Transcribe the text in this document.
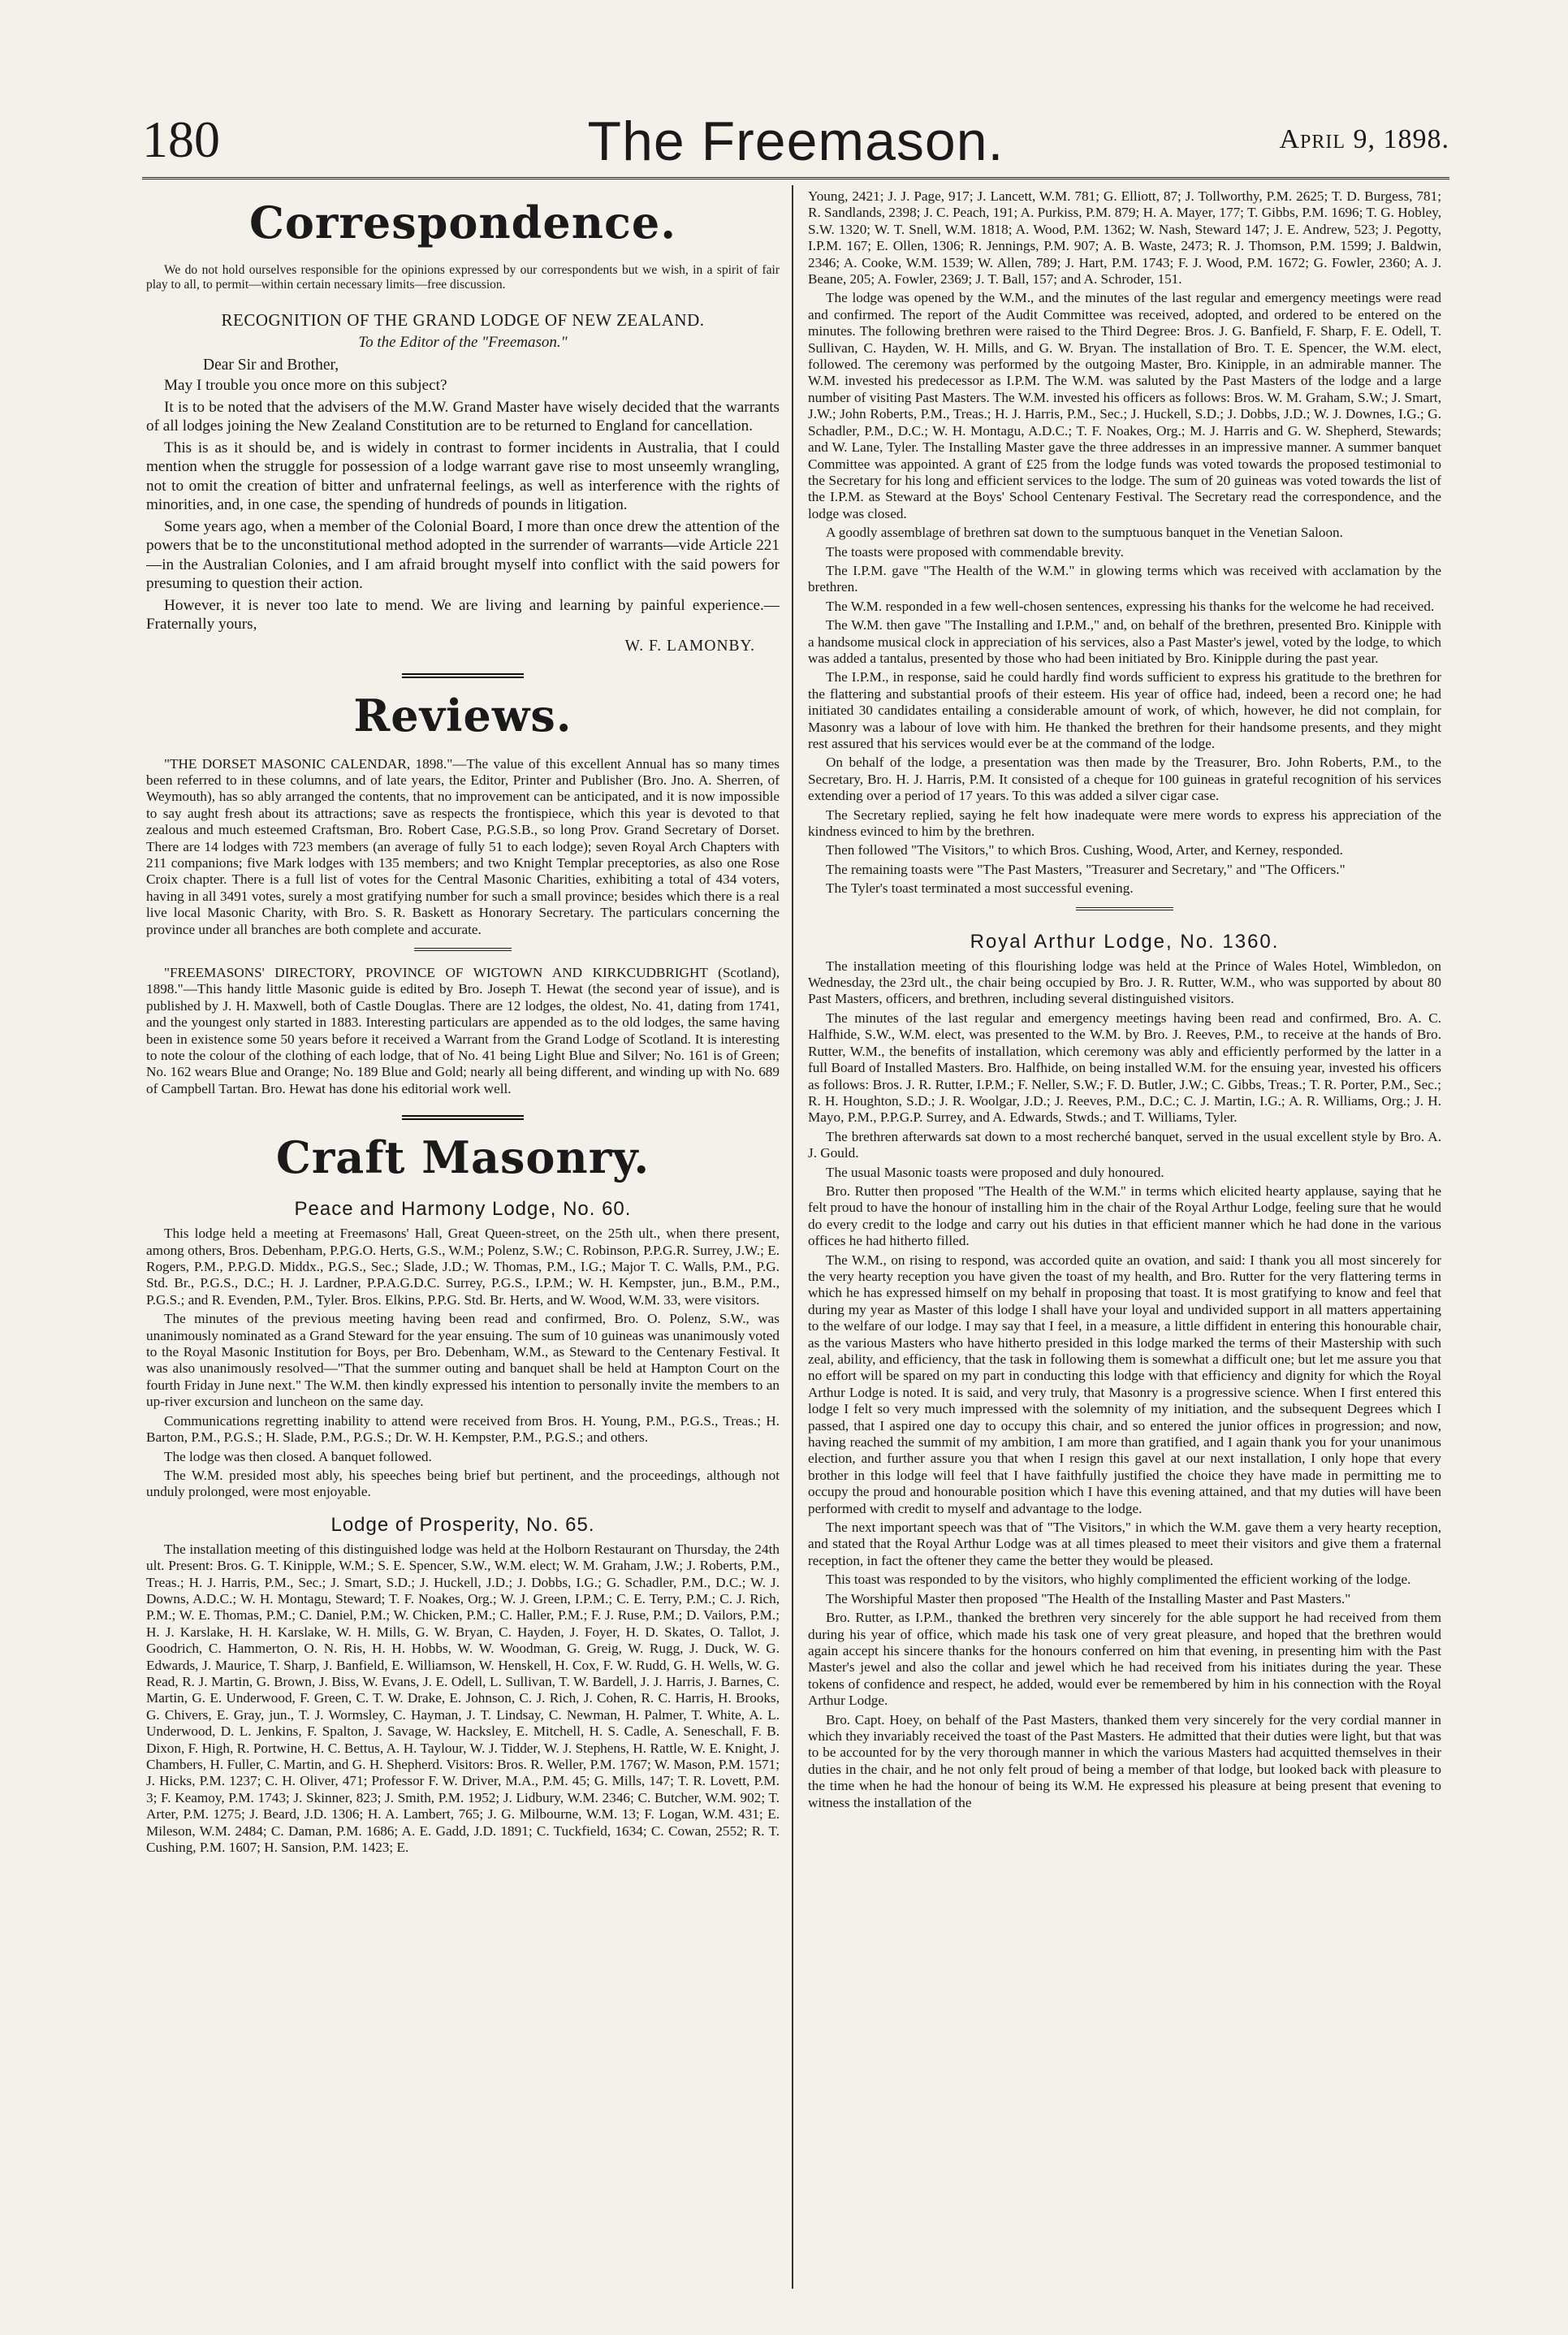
180	The Freemason.	April 9, 1898.
Correspondence.

We do not hold ourselves responsible for the opinions expressed by our correspondents but we wish, in a spirit of fair play to all, to permit—within certain necessary limits—free discussion.

RECOGNITION OF THE GRAND LODGE OF NEW ZEALAND.
To the Editor of the "Freemason."
Dear Sir and Brother,

May I trouble you once more on this subject?

It is to be noted that the advisers of the M.W. Grand Master have wisely decided that the warrants of all lodges joining the New Zealand Constitution are to be returned to England for cancellation.

This is as it should be, and is widely in contrast to former incidents in Australia, that I could mention when the struggle for possession of a lodge warrant gave rise to most unseemly wrangling, not to omit the creation of bitter and unfraternal feelings, as well as interference with the rights of minorities, and, in one case, the spending of hundreds of pounds in litigation.

Some years ago, when a member of the Colonial Board, I more than once drew the attention of the powers that be to the unconstitutional method adopted in the surrender of warrants—vide Article 221—in the Australian Colonies, and I am afraid brought myself into conflict with the said powers for presuming to question their action.

However, it is never too late to mend. We are living and learning by painful experience.—Fraternally yours,

W. F. LAMONBY.
Reviews.

"THE DORSET MASONIC CALENDAR, 1898."—The value of this excellent Annual has so many times been referred to in these columns, and of late years, the Editor, Printer and Publisher (Bro. Jno. A. Sherren, of Weymouth), has so ably arranged the contents, that no improvement can be anticipated, and it is now impossible to say aught fresh about its attractions; save as respects the frontispiece, which this year is devoted to that zealous and much esteemed Craftsman, Bro. Robert Case, P.G.S.B., so long Prov. Grand Secretary of Dorset. There are 14 lodges with 723 members (an average of fully 51 to each lodge); seven Royal Arch Chapters with 211 companions; five Mark lodges with 135 members; and two Knight Templar preceptories, as also one Rose Croix chapter. There is a full list of votes for the Central Masonic Charities, exhibiting a total of 434 voters, having in all 3491 votes, surely a most gratifying number for such a small province; besides which there is a real live local Masonic Charity, with Bro. S. R. Baskett as Honorary Secretary. The particulars concerning the province under all branches are both complete and accurate.

"FREEMASONS' DIRECTORY, PROVINCE OF WIGTOWN AND KIRKCUDBRIGHT (Scotland), 1898."—This handy little Masonic guide is edited by Bro. Joseph T. Hewat (the second year of issue), and is published by J. H. Maxwell, both of Castle Douglas. There are 12 lodges, the oldest, No. 41, dating from 1741, and the youngest only started in 1883. Interesting particulars are appended as to the old lodges, the same having been in existence some 50 years before it received a Warrant from the Grand Lodge of Scotland. It is interesting to note the colour of the clothing of each lodge, that of No. 41 being Light Blue and Silver; No. 161 is of Green; No. 162 wears Blue and Orange; No. 189 Blue and Gold; nearly all being different, and winding up with No. 689 of Campbell Tartan. Bro. Hewat has done his editorial work well.

Craft Masonry.
Peace and Harmony Lodge, No. 60.

This lodge held a meeting at Freemasons' Hall, Great Queen-street, on the 25th ult., when there present, among others, Bros. Debenham, P.P.G.O. Herts, G.S., W.M.; Polenz, S.W.; C. Robinson, P.P.G.R. Surrey, J.W.; E. Rogers, P.M., P.P.G.D. Middx., P.G.S., Sec.; Slade, J.D.; W. Thomas, P.M., I.G.; Major T. C. Walls, P.M., P.G. Std. Br., P.G.S., D.C.; H. J. Lardner, P.P.A.G.D.C. Surrey, P.G.S., I.P.M.; W. H. Kempster, jun., B.M., P.M., P.G.S.; and R. Evenden, P.M., Tyler. Bros. Elkins, P.P.G. Std. Br. Herts, and W. Wood, W.M. 33, were visitors.

The minutes of the previous meeting having been read and confirmed, Bro. O. Polenz, S.W., was unanimously nominated as a Grand Steward for the year ensuing. The sum of 10 guineas was unanimously voted to the Royal Masonic Institution for Boys, per Bro. Debenham, W.M., as Steward to the Centenary Festival. It was also unanimously resolved—"That the summer outing and banquet shall be held at Hampton Court on the fourth Friday in June next." The W.M. then kindly expressed his intention to personally invite the members to an up-river excursion and luncheon on the same day.

Communications regretting inability to attend were received from Bros. H. Young, P.M., P.G.S., Treas.; H. Barton, P.M., P.G.S.; H. Slade, P.M., P.G.S.; Dr. W. H. Kempster, P.M., P.G.S.; and others.

The lodge was then closed. A banquet followed.

The W.M. presided most ably, his speeches being brief but pertinent, and the proceedings, although not unduly prolonged, were most enjoyable.

Lodge of Prosperity, No. 65.

The installation meeting of this distinguished lodge was held at the Holborn Restaurant on Thursday, the 24th ult. Present: Bros. G. T. Kinipple, W.M.; S. E. Spencer, S.W., W.M. elect; W. M. Graham, J.W.; J. Roberts, P.M., Treas.; H. J. Harris, P.M., Sec.; J. Smart, S.D.; J. Huckell, J.D.; J. Dobbs, I.G.; G. Schadler, P.M., D.C.; W. J. Downs, A.D.C.; W. H. Montagu, Steward; T. F. Noakes, Org.; W. J. Green, I.P.M.; C. E. Terry, P.M.; C. J. Rich, P.M.; W. E. Thomas, P.M.; C. Daniel, P.M.; W. Chicken, P.M.; C. Haller, P.M.; F. J. Ruse, P.M.; D. Vailors, P.M.; H. J. Karslake, H. H. Karslake, W. H. Mills, G. W. Bryan, C. Hayden, J. Foyer, H. D. Skates, O. Tallot, J. Goodrich, C. Hammerton, O. N. Ris, H. H. Hobbs, W. W. Woodman, G. Greig, W. Rugg, J. Duck, W. G. Edwards, J. Maurice, T. Sharp, J. Banfield, E. Williamson, W. Henskell, H. Cox, F. W. Rudd, G. H. Wells, W. G. Read, R. J. Martin, G. Brown, J. Biss, W. Evans, J. E. Odell, L. Sullivan, T. W. Bardell, J. J. Harris, J. Barnes, C. Martin, G. E. Underwood, F. Green, C. T. W. Drake, E. Johnson, C. J. Rich, J. Cohen, R. C. Harris, H. Brooks, G. Chivers, E. Gray, jun., T. J. Wormsley, C. Hayman, J. T. Lindsay, C. Newman, H. Palmer, T. White, A. L. Underwood, D. L. Jenkins, F. Spalton, J. Savage, W. Hacksley, E. Mitchell, H. S. Cadle, A. Seneschall, F. B. Dixon, F. High, R. Portwine, H. C. Bettus, A. H. Taylour, W. J. Tidder, W. J. Stephens, H. Rattle, W. E. Knight, J. Chambers, H. Fuller, C. Martin, and G. H. Shepherd. Visitors: Bros. R. Weller, P.M. 1767; W. Mason, P.M. 1571; J. Hicks, P.M. 1237; C. H. Oliver, 471; Professor F. W. Driver, M.A., P.M. 45; G. Mills, 147; T. R. Lovett, P.M. 3; F. Keamoy, P.M. 1743; J. Skinner, 823; J. Smith, P.M. 1952; J. Lidbury, W.M. 2346; C. Butcher, W.M. 902; T. Arter, P.M. 1275; J. Beard, J.D. 1306; H. A. Lambert, 765; J. G. Milbourne, W.M. 13; F. Logan, W.M. 431; E. Mileson, W.M. 2484; C. Daman, P.M. 1686; A. E. Gadd, J.D. 1891; C. Tuckfield, 1634; C. Cowan, 2552; R. T. Cushing, P.M. 1607; H. Sansion, P.M. 1423; E.

Young, 2421; J. J. Page, 917; J. Lancett, W.M. 781; G. Elliott, 87; J. Tollworthy, P.M. 2625; T. D. Burgess, 781; R. Sandlands, 2398; J. C. Peach, 191; A. Purkiss, P.M. 879; H. A. Mayer, 177; T. Gibbs, P.M. 1696; T. G. Hobley, S.W. 1320; W. T. Snell, W.M. 1818; A. Wood, P.M. 1362; W. Nash, Steward 147; J. E. Andrew, 523; J. Pegotty, I.P.M. 167; E. Ollen, 1306; R. Jennings, P.M. 907; A. B. Waste, 2473; R. J. Thomson, P.M. 1599; J. Baldwin, 2346; A. Cooke, W.M. 1539; W. Allen, 789; J. Hart, P.M. 1743; F. J. Wood, P.M. 1672; G. Fowler, 2360; A. J. Beane, 205; A. Fowler, 2369; J. T. Ball, 157; and A. Schroder, 151.

The lodge was opened by the W.M., and the minutes of the last regular and emergency meetings were read and confirmed. The report of the Audit Committee was received, adopted, and ordered to be entered on the minutes. The following brethren were raised to the Third Degree: Bros. J. G. Banfield, F. Sharp, F. E. Odell, T. Sullivan, C. Hayden, W. H. Mills, and G. W. Bryan. The installation of Bro. T. E. Spencer, the W.M. elect, followed. The ceremony was performed by the outgoing Master, Bro. Kinipple, in an admirable manner. The W.M. invested his predecessor as I.P.M. The W.M. was saluted by the Past Masters of the lodge and a large number of visiting Past Masters. The W.M. invested his officers as follows: Bros. W. M. Graham, S.W.; J. Smart, J.W.; John Roberts, P.M., Treas.; H. J. Harris, P.M., Sec.; J. Huckell, S.D.; J. Dobbs, J.D.; W. J. Downes, I.G.; G. Schadler, P.M., D.C.; W. H. Montagu, A.D.C.; T. F. Noakes, Org.; M. J. Harris and G. W. Shepherd, Stewards; and W. Lane, Tyler. The Installing Master gave the three addresses in an impressive manner. A summer banquet Committee was appointed. A grant of £25 from the lodge funds was voted towards the proposed testimonial to the Secretary for his long and efficient services to the lodge. The sum of 20 guineas was voted towards the list of the I.P.M. as Steward at the Boys' School Centenary Festival. The Secretary read the correspondence, and the lodge was closed.

A goodly assemblage of brethren sat down to the sumptuous banquet in the Venetian Saloon.

The toasts were proposed with commendable brevity.

The I.P.M. gave "The Health of the W.M." in glowing terms which was received with acclamation by the brethren.

The W.M. responded in a few well-chosen sentences, expressing his thanks for the welcome he had received.

The W.M. then gave "The Installing and I.P.M.," and, on behalf of the brethren, presented Bro. Kinipple with a handsome musical clock in appreciation of his services, also a Past Master's jewel, voted by the lodge, to which was added a tantalus, presented by those who had been initiated by Bro. Kinipple during the past year.

The I.P.M., in response, said he could hardly find words sufficient to express his gratitude to the brethren for the flattering and substantial proofs of their esteem. His year of office had, indeed, been a record one; he had initiated 30 candidates entailing a considerable amount of work, of which, however, he did not complain, for Masonry was a labour of love with him. He thanked the brethren for their handsome presents, and they might rest assured that his services would ever be at the command of the lodge.

On behalf of the lodge, a presentation was then made by the Treasurer, Bro. John Roberts, P.M., to the Secretary, Bro. H. J. Harris, P.M. It consisted of a cheque for 100 guineas in grateful recognition of his services extending over a period of 17 years. To this was added a silver cigar case.

The Secretary replied, saying he felt how inadequate were mere words to express his appreciation of the kindness evinced to him by the brethren.

Then followed "The Visitors," to which Bros. Cushing, Wood, Arter, and Kerney, responded.

The remaining toasts were "The Past Masters, "Treasurer and Secretary," and "The Officers."

The Tyler's toast terminated a most successful evening.

Royal Arthur Lodge, No. 1360.

The installation meeting of this flourishing lodge was held at the Prince of Wales Hotel, Wimbledon, on Wednesday, the 23rd ult., the chair being occupied by Bro. J. R. Rutter, W.M., who was supported by about 80 Past Masters, officers, and brethren, including several distinguished visitors.

The minutes of the last regular and emergency meetings having been read and confirmed, Bro. A. C. Halfhide, S.W., W.M. elect, was presented to the W.M. by Bro. J. Reeves, P.M., to receive at the hands of Bro. Rutter, W.M., the benefits of installation, which ceremony was ably and efficiently performed by the latter in a full Board of Installed Masters. Bro. Halfhide, on being installed W.M. for the ensuing year, invested his officers as follows: Bros. J. R. Rutter, I.P.M.; F. Neller, S.W.; F. D. Butler, J.W.; C. Gibbs, Treas.; T. R. Porter, P.M., Sec.; R. H. Houghton, S.D.; J. R. Woolgar, J.D.; J. Reeves, P.M., D.C.; C. J. Martin, I.G.; A. R. Williams, Org.; J. H. Mayo, P.M., P.P.G.P. Surrey, and A. Edwards, Stwds.; and T. Williams, Tyler.

The brethren afterwards sat down to a most recherché banquet, served in the usual excellent style by Bro. A. J. Gould.

The usual Masonic toasts were proposed and duly honoured.

Bro. Rutter then proposed "The Health of the W.M." in terms which elicited hearty applause, saying that he felt proud to have the honour of installing him in the chair of the Royal Arthur Lodge, feeling sure that he would do every credit to the lodge and carry out his duties in that efficient manner which he had done in the various offices he had hitherto filled.

The W.M., on rising to respond, was accorded quite an ovation, and said: I thank you all most sincerely for the very hearty reception you have given the toast of my health, and Bro. Rutter for the very flattering terms in which he has expressed himself on my behalf in proposing that toast. It is most gratifying to know and feel that during my year as Master of this lodge I shall have your loyal and undivided support in all matters appertaining to the welfare of our lodge. I may say that I feel, in a measure, a little diffident in entering this honourable chair, as the various Masters who have hitherto presided in this lodge marked the terms of their Mastership with such zeal, ability, and efficiency, that the task in following them is somewhat a difficult one; but let me assure you that no effort will be spared on my part in conducting this lodge with that efficiency and dignity for which the Royal Arthur Lodge is noted. It is said, and very truly, that Masonry is a progressive science. When I first entered this lodge I felt so very much impressed with the solemnity of my initiation, and the subsequent Degrees which I passed, that I aspired one day to occupy this chair, and so entered the junior offices in progression; and now, having reached the summit of my ambition, I am more than gratified, and I again thank you for your unanimous election, and further assure you that when I resign this gavel at our next installation, I only hope that every brother in this lodge will feel that I have faithfully justified the choice they have made in permitting me to occupy the proud and honourable position which I have this evening attained, and that my duties will have been performed with credit to myself and advantage to the lodge.

The next important speech was that of "The Visitors," in which the W.M. gave them a very hearty reception, and stated that the Royal Arthur Lodge was at all times pleased to meet their visitors and give them a fraternal reception, in fact the oftener they came the better they would be pleased.

This toast was responded to by the visitors, who highly complimented the efficient working of the lodge.

The Worshipful Master then proposed "The Health of the Installing Master and Past Masters."

Bro. Rutter, as I.P.M., thanked the brethren very sincerely for the able support he had received from them during his year of office, which made his task one of very great pleasure, and hoped that the brethren would again accept his sincere thanks for the honours conferred on him that evening, in presenting him with the Past Master's jewel and also the collar and jewel which he had received from his initiates during the year. These tokens of confidence and respect, he added, would ever be remembered by him in his connection with the Royal Arthur Lodge.

Bro. Capt. Hoey, on behalf of the Past Masters, thanked them very sincerely for the very cordial manner in which they invariably received the toast of the Past Masters. He admitted that their duties were light, but that was to be accounted for by the very thorough manner in which the various Masters had acquitted themselves in their duties in the chair, and he not only felt proud of being a member of that lodge, but looked back with pleasure to the time when he had the honour of being its W.M. He expressed his pleasure at being present that evening to witness the installation of the
